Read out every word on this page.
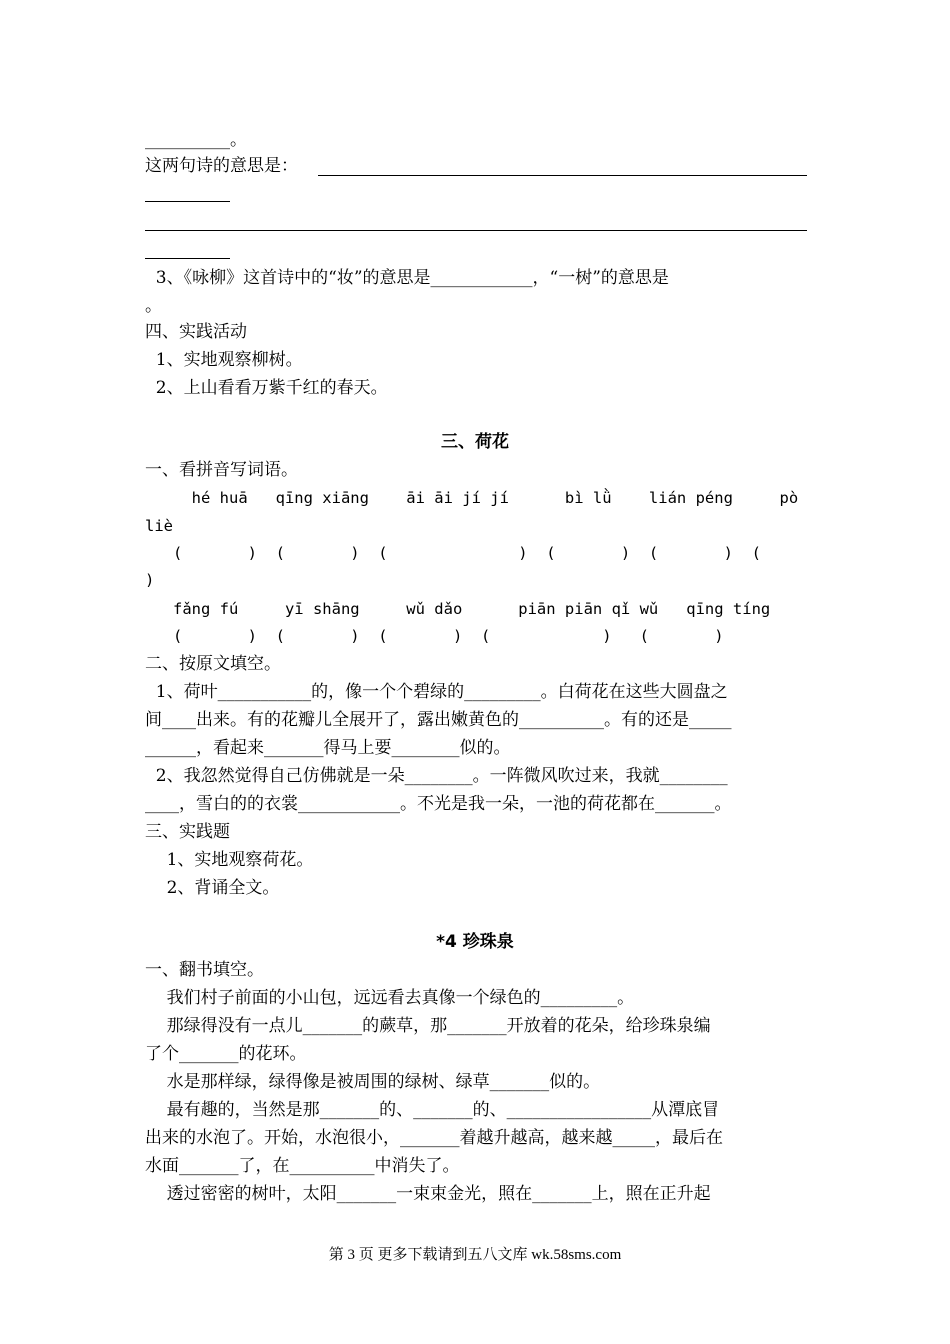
__________。
这两句诗的意思是：
3、《咏柳》这首诗中的“妆”的意思是____________，“一树”的意思是
。
四、实践活动
1、实地观察柳树。
2、上山看看万紫千红的春天。
三、荷花
一、看拼音写词语。
hé huā   qīng xiāng    āi āi jí jí      bì lǜ    lián péng     pò
liè
(       )  (       )  (              )  (       )  (       )  (
)
fǎng fú     yī shāng     wǔ dǎo      piān piān qǐ wǔ   qīng tíng
(       )  (       )  (       )  (            )   (       )
二、按原文填空。
1、荷叶___________的，像一个个碧绿的_________。白荷花在这些大圆盘之
间____出来。有的花瓣儿全展开了，露出嫩黄色的__________。有的还是_____
______，看起来_______得马上要________似的。
2、我忽然觉得自己仿佛就是一朵________。一阵微风吹过来，我就________
____，雪白的的衣裳____________。不光是我一朵，一池的荷花都在_______。
三、实践题
1、实地观察荷花。
2、背诵全文。
*4 珍珠泉
一、翻书填空。
我们村子前面的小山包，远远看去真像一个绿色的_________。
那绿得没有一点儿_______的蕨草，那_______开放着的花朵，给珍珠泉编
了个_______的花环。
水是那样绿，绿得像是被周围的绿树、绿草_______似的。
最有趣的，当然是那_______的、_______的、_________________从潭底冒
出来的水泡了。开始，水泡很小，_______着越升越高，越来越_____，最后在
水面_______了，在__________中消失了。
透过密密的树叶，太阳_______一束束金光，照在_______上，照在正升起
第 3 页 更多下载请到五八文库 wk.58sms.com
